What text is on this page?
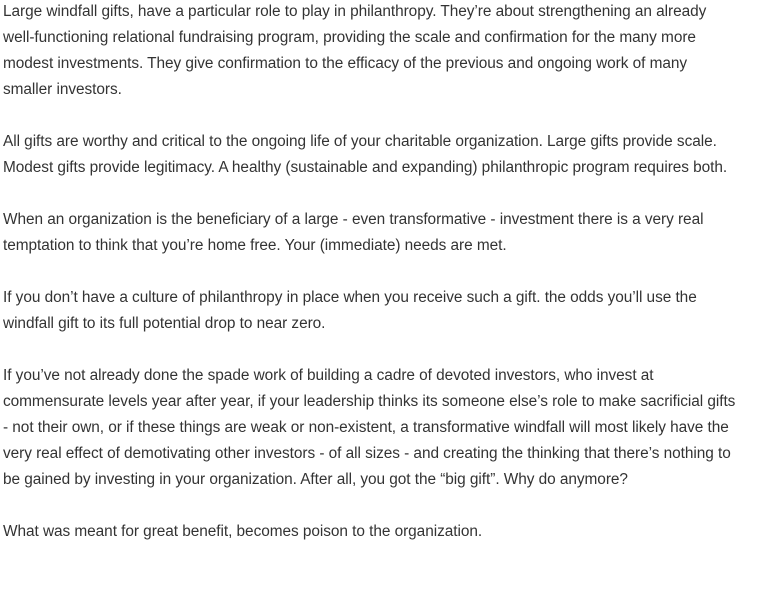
Large windfall gifts, have a particular role to play in philanthropy. They’re about strengthening an already well-functioning relational fundraising program, providing the scale and confirmation for the many more modest investments. They give confirmation to the efficacy of the previous and ongoing work of many smaller investors.

All gifts are worthy and critical to the ongoing life of your charitable organization. Large gifts provide scale. Modest gifts provide legitimacy. A healthy (sustainable and expanding) philanthropic program requires both.

When an organization is the beneficiary of a large - even transformative - investment there is a very real temptation to think that you’re home free. Your (immediate) needs are met.

If you don’t have a culture of philanthropy in place when you receive such a gift. the odds you’ll use the windfall gift to its full potential drop to near zero.

If you’ve not already done the spade work of building a cadre of devoted investors, who invest at commensurate levels year after year, if your leadership thinks its someone else’s role to make sacrificial gifts - not their own, or if these things are weak or non-existent, a transformative windfall will most likely have the very real effect of demotivating other investors - of all sizes - and creating the thinking that there’s nothing to be gained by investing in your organization. After all, you got the “big gift”. Why do anymore?

What was meant for great benefit, becomes poison to the organization.
